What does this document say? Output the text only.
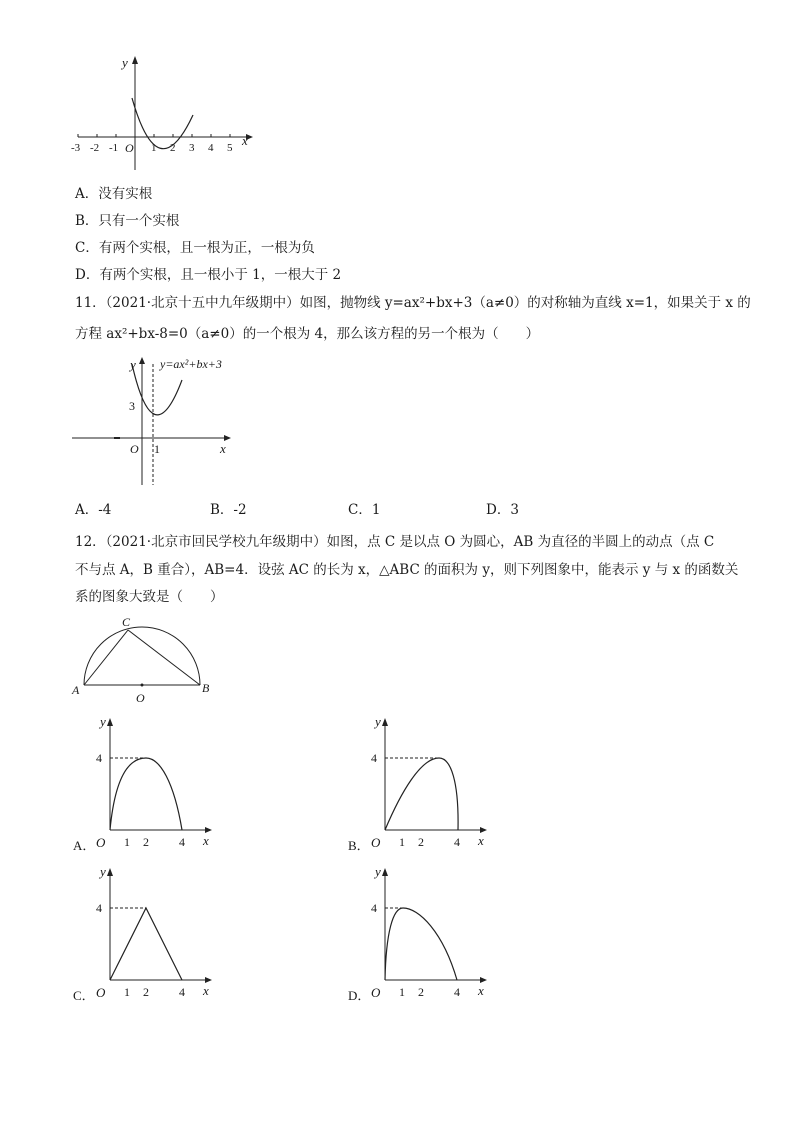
y
x
O
-3 -2 -1	1 2 3 4 5
A．没有实根
B．只有一个实根
C．有两个实根，且一根为正，一根为负
D．有两个实根，且一根小于 1，一根大于 2
11．（2021·北京十五中九年级期中）如图，抛物线 y=ax²+bx+3（a≠0）的对称轴为直线 x=1，如果关于 x 的
方程 ax²+bx-8=0（a≠0）的一个根为 4，那么该方程的另一个根为（　　）
y y=ax²+bx+3
3
O 1	x
A．-4	B．-2	C．1	D．3
12．（2021·北京市回民学校九年级期中）如图，点 C 是以点 O 为圆心，AB 为直径的半圆上的动点（点 C
不与点 A，B 重合），AB=4．设弦 AC 的长为 x，△ABC 的面积为 y，则下列图象中，能表示 y 与 x 的函数关
系的图象大致是（　　）
A	B
C
O
A．
y
4
O 1 2	4 x	B．
y
4
O 1 2	4 x
C．
y
4
O 1 2	4 x	D．
y
4
O 1 2	4 x
